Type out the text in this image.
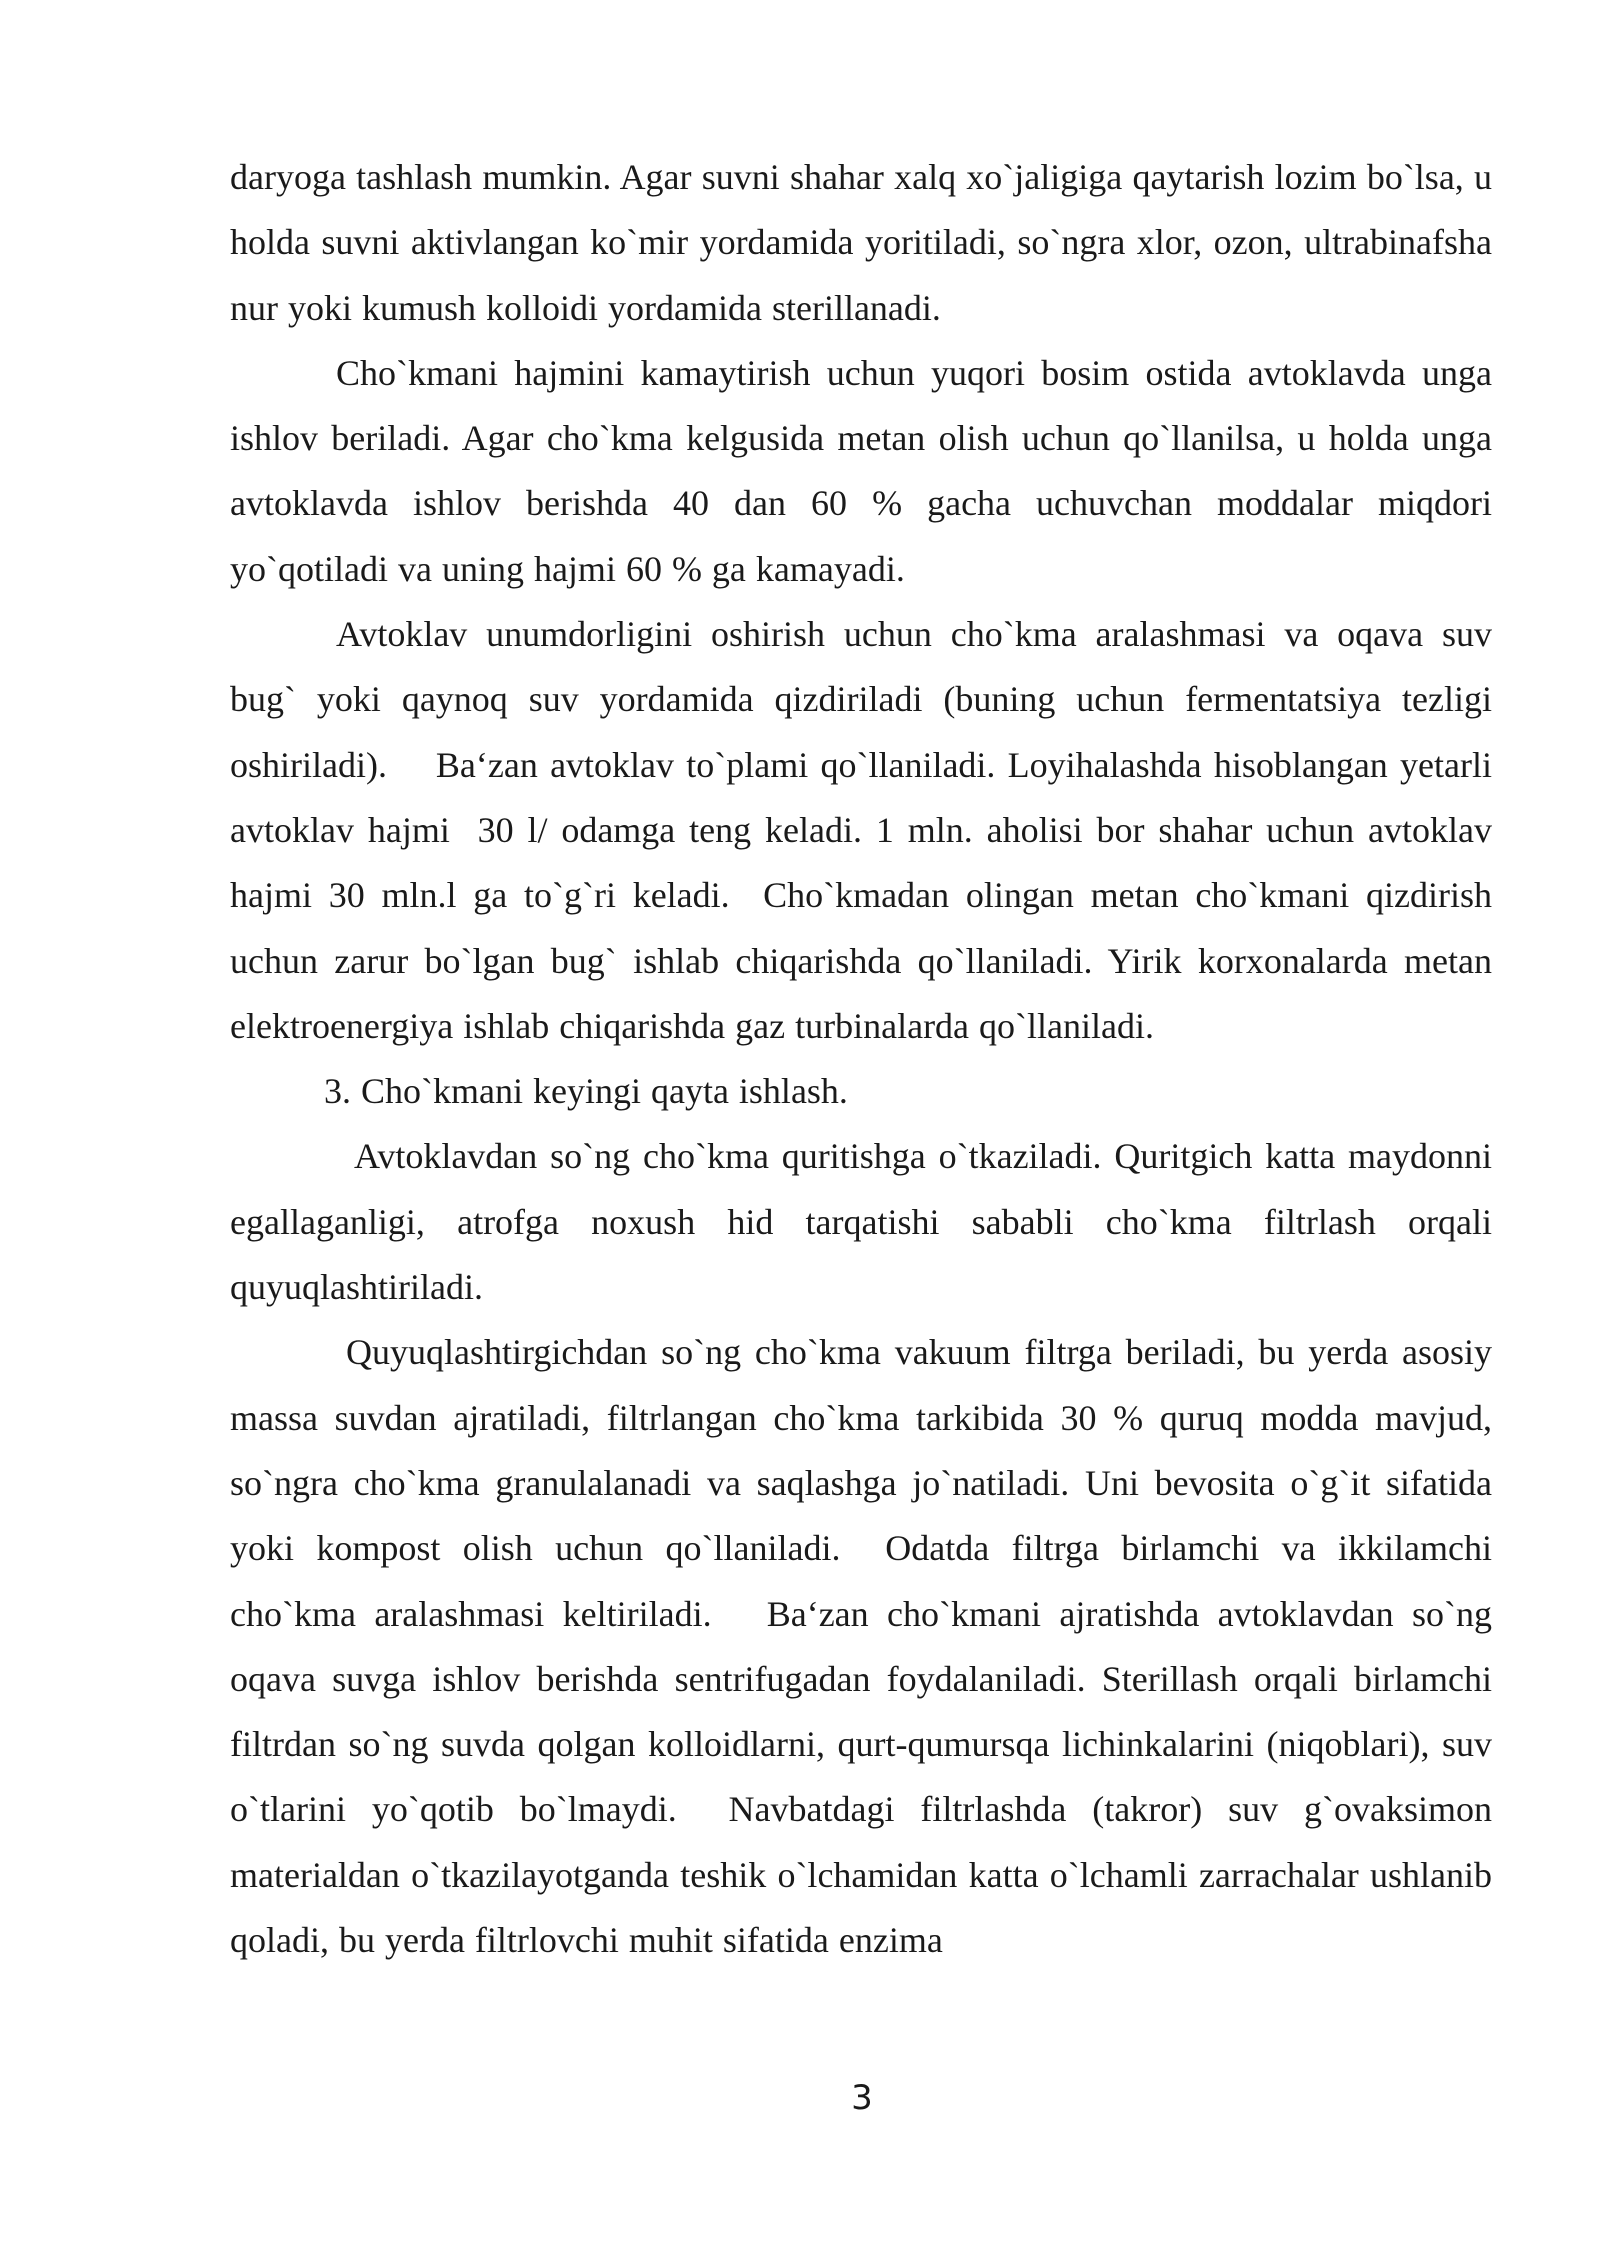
daryoga tashlash mumkin. Agar suvni shahar xalq xo`jaligiga qaytarish lozim bo`lsa, u holda suvni aktivlangan ko`mir yordamida yoritiladi, so`ngra xlor, ozon, ultrabinafsha nur yoki kumush kolloidi yordamida sterillanadi.

Cho`kmani hajmini kamaytirish uchun yuqori bosim ostida avtoklavda unga ishlov beriladi. Agar cho`kma kelgusida metan olish uchun qo`llanilsa, u holda unga avtoklavda ishlov berishda 40 dan 60 % gacha uchuvchan moddalar miqdori yo`qotiladi va uning hajmi 60 % ga kamayadi.

Avtoklav unumdorligini oshirish uchun cho`kma aralashmasi va oqava suv bug` yoki qaynoq suv yordamida qizdiriladi (buning uchun fermentatsiya tezligi oshiriladi).    Ba‘zan avtoklav to`plami qo`llaniladi. Loyihalashda hisoblangan yetarli avtoklav hajmi  30 l/ odamga teng keladi. 1 mln. aholisi bor shahar uchun avtoklav hajmi 30 mln.l ga to`g`ri keladi.  Cho`kmadan olingan metan cho`kmani qizdirish uchun zarur bo`lgan bug` ishlab chiqarishda qo`llaniladi. Yirik korxonalarda metan elektroenergiya ishlab chiqarishda gaz turbinalarda qo`llaniladi.

3. Cho`kmani keyingi qayta ishlash.

Avtoklavdan so`ng cho`kma quritishga o`tkaziladi. Quritgich katta maydonni egallaganligi, atrofga noxush hid tarqatishi sababli cho`kma filtrlash orqali quyuqlashtiriladi.

Quyuqlashtirgichdan so`ng cho`kma vakuum filtrga beriladi, bu yerda asosiy massa suvdan ajratiladi, filtrlangan cho`kma tarkibida 30 % quruq modda mavjud, so`ngra cho`kma granulalanadi va saqlashga jo`natiladi. Uni bevosita o`g`it sifatida yoki kompost olish uchun qo`llaniladi.  Odatda filtrga birlamchi va ikkilamchi cho`kma aralashmasi keltiriladi.   Ba‘zan cho`kmani ajratishda avtoklavdan so`ng oqava suvga ishlov berishda sentrifugadan foydalaniladi. Sterillash orqali birlamchi filtrdan so`ng suvda qolgan kolloidlarni, qurt-qumursqa lichinkalarini (niqoblari), suv o`tlarini yo`qotib bo`lmaydi.  Navbatdagi filtrlashda (takror) suv g`ovaksimon materialdan o`tkazilayotganda teshik o`lchamidan katta o`lchamli zarrachalar ushlanib qoladi, bu yerda filtrlovchi muhit sifatida enzima

3
